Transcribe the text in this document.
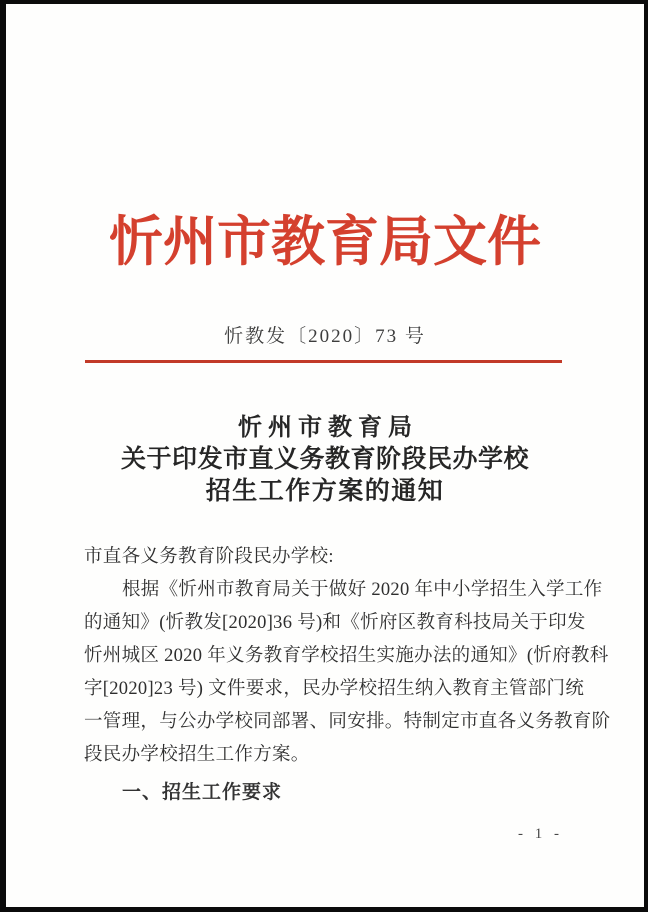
忻州市教育局文件
忻教发〔2020〕73 号
忻州市教育局
关于印发市直义务教育阶段民办学校
招生工作方案的通知
市直各义务教育阶段民办学校:
根据《忻州市教育局关于做好 2020 年中小学招生入学工作
的通知》(忻教发[2020]36 号)和《忻府区教育科技局关于印发
忻州城区 2020 年义务教育学校招生实施办法的通知》(忻府教科
字[2020]23 号) 文件要求，民办学校招生纳入教育主管部门统
一管理，与公办学校同部署、同安排。特制定市直各义务教育阶
段民办学校招生工作方案。
一、招生工作要求
- 1 -
